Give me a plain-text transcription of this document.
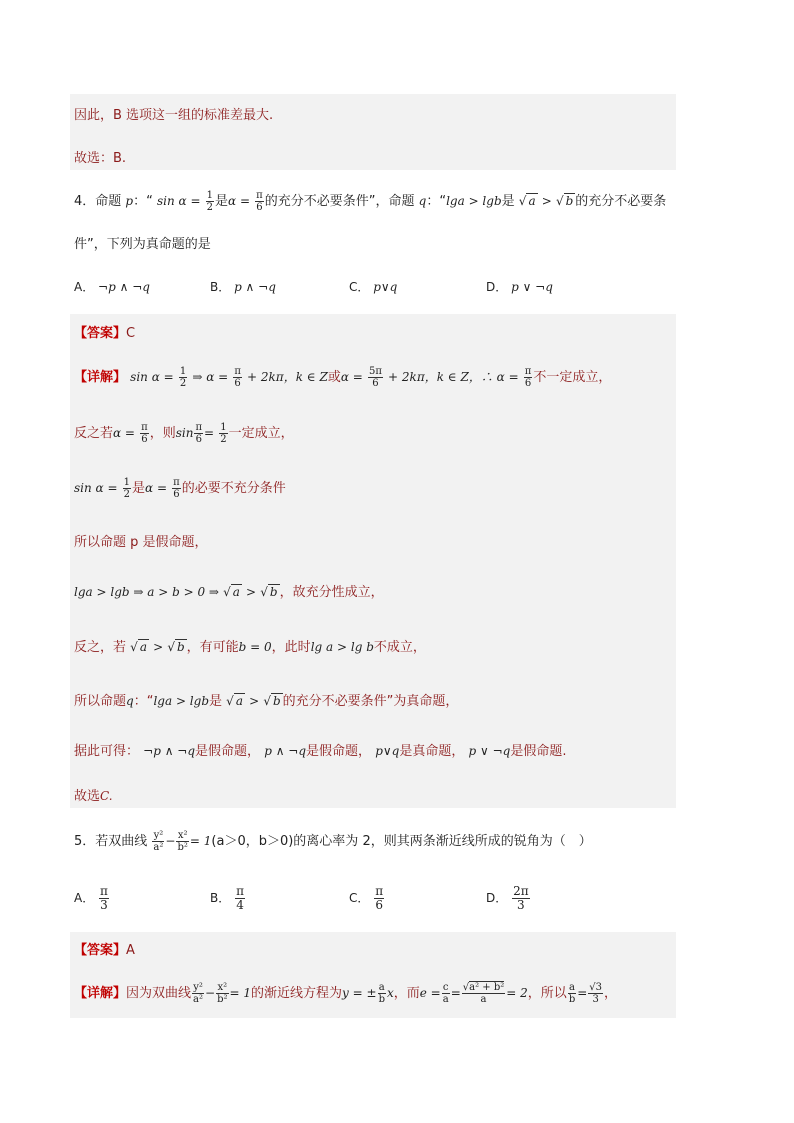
因此，B 选项这一组的标准差最大.
故选：B.
4．命题 p：“ $\sin \alpha = \frac{1}{2}$ 是$\alpha = \frac{\pi}{6}$ 的充分不必要条件”，命题 q：“lga > lgb是 √ a > √ b 的充分不必要条
件”，下列为真命题的是
A． ¬p ∧ ¬q	B． p ∧ ¬q	C． p∨q	D． p ∨ ¬q
【答案】C
【详解】 $\sin \alpha = \frac{1}{2}$ ⇒ $\alpha = \frac{\pi}{6} + 2k\pi$，k ∈ Z或$\alpha = \frac{5\pi}{6} + 2k\pi$，k ∈ Z，∴ $\alpha = \frac{\pi}{6}$ 不一定成立，
反之若$\alpha = \frac{\pi}{6}$ ，则$\sin \frac{\pi}{6} = \frac{1}{2}$ 一定成立，
$\sin \alpha = \frac{1}{2}$ 是$\alpha = \frac{\pi}{6}$ 的必要不充分条件
所以命题 p 是假命题，
lga > lgb ⇒ a > b > 0 ⇒ √ a > √ b ，故充分性成立，
反之，若 √ a > √ b ，有可能b = 0，此时lg a > lg b不成立，
所以命题q：“lga > lgb是 √ a > √ b 的充分不必要条件”为真命题，
据此可得： ¬p ∧ ¬q是假命题， p ∧ ¬q是假命题， p∨q是真命题， p ∨ ¬q是假命题.
故选C.
5．若双曲线 $\frac{\text{y²}}{\text{a²}} - \frac{\text{x²}}{\text{b²}} = 1(a>0$，b＞0)的离心率为 2，则其两条渐近线所成的锐角为（　）
A． $\frac{\pi}{3}$	B． $\frac{\pi}{4}$	C． $\frac{\pi}{6}$	D． $\frac{2\pi}{3}$
【答案】A
【详解】因为双曲线 $\frac{\text{y²}}{\text{a²}} - \frac{\text{x²}}{\text{b²}} = 1$的渐近线方程为y = ± $\frac{a}{b}$ x，而$e = \frac{c}{a} = \frac{\text{√a² + b²}}{a} = 2$，所以 $\frac{a}{b} = \frac{√3}{3}$ ，
